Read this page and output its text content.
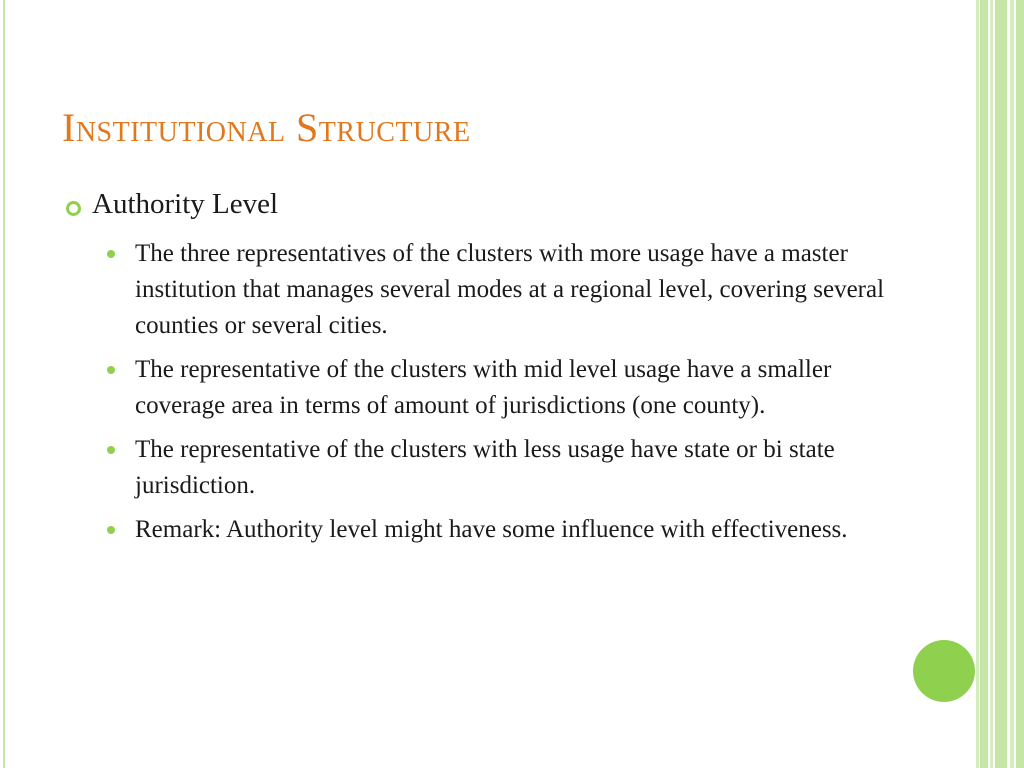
Institutional Structure
Authority Level
The three representatives of the clusters with more usage have a master institution that manages several modes at a regional level, covering several counties or several cities.
The representative of the clusters with mid level usage have a smaller coverage area in terms of amount of jurisdictions (one county).
The representative of the clusters with less usage have state or bi state jurisdiction.
Remark: Authority level might have some influence with effectiveness.
